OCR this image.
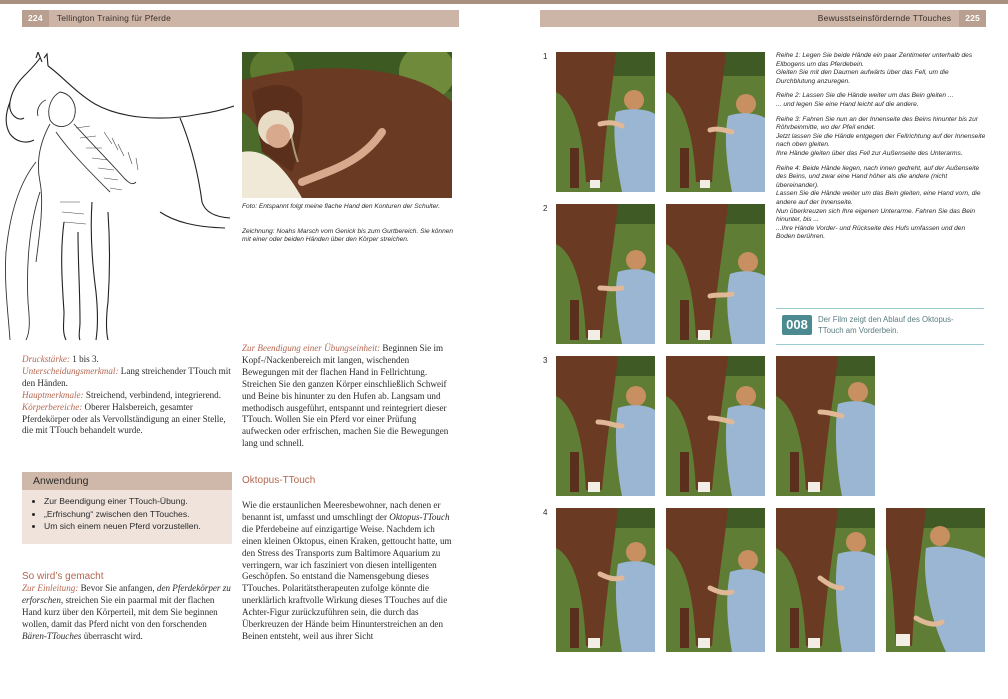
224 Tellington Training für Pferde	Bewusstseinsfördernde TTouches 225
Foto: Entspannt folgt meine flache Hand den Konturen der Schulter.
Zeichnung: Noahs Marsch vom Genick bis zum Gurtbereich. Sie können mit einer oder beiden Händen über den Körper streichen.
Druckstärke: 1 bis 3.
Unterscheidungsmerkmal: Lang streichender TTouch mit den Händen.
Hauptmerkmale: Streichend, verbindend, integrierend.
Körperbereiche: Oberer Halsbereich, gesamter Pferdekörper oder als Vervollständigung an einer Stelle, die mit TTouch behandelt wurde.
Anwendung
• Zur Beendigung einer TTouch-Übung.
• „Erfrischung“ zwischen den TTouches.
• Um sich einem neuen Pferd vorzustellen.
So wird’s gemacht
Zur Einleitung: Bevor Sie anfangen, den Pferdekörper zu erforschen, streichen Sie ein paarmal mit der flachen Hand kurz über den Körperteil, mit dem Sie beginnen wollen, damit das Pferd nicht von den forschenden Bären-TTouches überrascht wird.
Zur Beendigung einer Übungseinheit: Beginnen Sie im Kopf-/Nackenbereich mit langen, wischenden Bewegungen mit der flachen Hand in Fellrichtung. Streichen Sie den ganzen Körper einschließlich Schweif und Beine bis hinunter zu den Hufen ab. Langsam und methodisch ausgeführt, entspannt und reintegriert dieser TTouch. Wollen Sie ein Pferd vor einer Prüfung aufwecken oder erfrischen, machen Sie die Bewegungen lang und schnell.
Oktopus-TTouch
Wie die erstaunlichen Meeresbewohner, nach denen er benannt ist, umfasst und umschlingt der Oktopus-TTouch die Pferdebeine auf einzigartige Weise. Nachdem ich einen kleinen Oktopus, einen Kraken, gettoucht hatte, um den Stress des Transports zum Baltimore Aquarium zu verringern, war ich fasziniert von diesen intelligenten Geschöpfen. So entstand die Namensgebung dieses TTouches. Polaritätstherapeuten zufolge könnte die unerklärlich kraftvolle Wirkung dieses TTouches auf die Achter-Figur zurückzuführen sein, die durch das Überkreuzen der Hände beim Hinunterstreichen an den Beinen entsteht, weil aus ihrer Sicht
1
2
3
4
Reihe 1: Legen Sie beide Hände ein paar Zentimeter unterhalb des Ellbogens um das Pferdebein.
Gleiten Sie mit den Daumen aufwärts über das Fell, um die Durchblutung anzuregen.
Reihe 2: Lassen Sie die Hände weiter um das Bein gleiten ...
... und legen Sie eine Hand leicht auf die andere.
Reihe 3: Fahren Sie nun an der Innenseite des Beins hinunter bis zur Röhrbeinmitte, wo der Pfeil endet.
Jetzt lassen Sie die Hände entgegen der Fellrichtung auf der Innenseite nach oben gleiten.
Ihre Hände gleiten über das Fell zur Außenseite des Unterarms.
Reihe 4: Beide Hände liegen, nach innen gedreht, auf der Außenseite des Beins, und zwar eine Hand höher als die andere (nicht übereinander).
Lassen Sie die Hände weiter um das Bein gleiten, eine Hand vorn, die andere auf der Innenseite.
Nun überkreuzen sich Ihre eigenen Unterarme. Fahren Sie das Bein hinunter, bis ...
...Ihre Hände Vorder- und Rückseite des Hufs umfassen und den Boden berühren.
008	Der Film zeigt den Ablauf des Oktopus-TTouch am Vorderbein.
